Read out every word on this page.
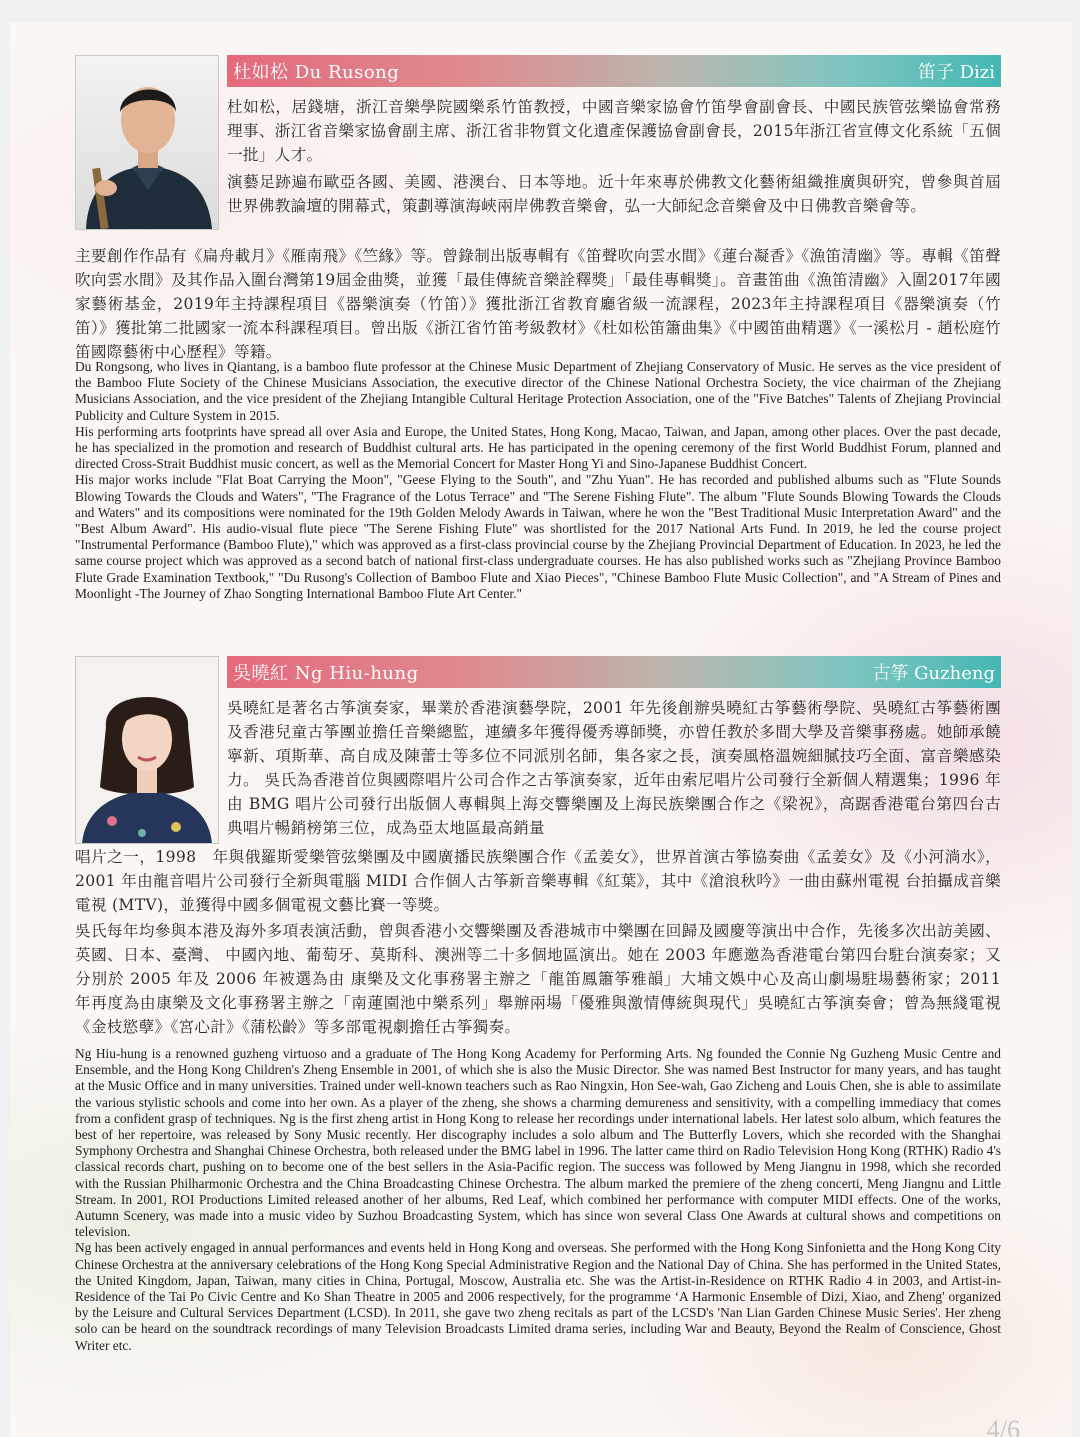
杜如松 Du Rusong	笛子 Dizi

杜如松，居錢塘，浙江音樂學院國樂系竹笛教授，中國音樂家協會竹笛學會副會長、中國民族管弦樂協會常務理事、浙江省音樂家協會副主席、浙江省非物質文化遺產保護協會副會長，2015年浙江省宣傳文化系統「五個一批」人才。

演藝足跡遍布歐亞各國、美國、港澳台、日本等地。近十年來專於佛教文化藝術組織推廣與研究，曾參與首屆世界佛教論壇的開幕式，策劃導演海峽兩岸佛教音樂會，弘一大師紀念音樂會及中日佛教音樂會等。

主要創作作品有《扁舟載月》《雁南飛》《竺緣》等。曾錄制出版專輯有《笛聲吹向雲水間》《蓮台凝香》《漁笛清幽》等。專輯《笛聲吹向雲水間》及其作品入圍台灣第19屆金曲獎，並獲「最佳傳統音樂詮釋獎」「最佳專輯獎」。音畫笛曲《漁笛清幽》入圍2017年國家藝術基金，2019年主持課程項目《器樂演奏（竹笛）》獲批浙江省教育廳省級一流課程，2023年主持課程項目《器樂演奏（竹笛）》獲批第二批國家一流本科課程項目。曾出版《浙江省竹笛考級教材》《杜如松笛簫曲集》《中國笛曲精選》《一溪松月 - 趙松庭竹笛國際藝術中心歷程》等籍。

Du Rongsong, who lives in Qiantang, is a bamboo flute professor at the Chinese Music Department of Zhejiang Conservatory of Music. He serves as the vice president of the Bamboo Flute Society of the Chinese Musicians Association, the executive director of the Chinese National Orchestra Society, the vice chairman of the Zhejiang Musicians Association, and the vice president of the Zhejiang Intangible Cultural Heritage Protection Association, one of the "Five Batches" Talents of Zhejiang Provincial Publicity and Culture System in 2015.

His performing arts footprints have spread all over Asia and Europe, the United States, Hong Kong, Macao, Taiwan, and Japan, among other places. Over the past decade, he has specialized in the promotion and research of Buddhist cultural arts. He has participated in the opening ceremony of the first World Buddhist Forum, planned and directed Cross-Strait Buddhist music concert, as well as the Memorial Concert for Master Hong Yi and Sino-Japanese Buddhist Concert.

His major works include "Flat Boat Carrying the Moon", "Geese Flying to the South", and "Zhu Yuan". He has recorded and published albums such as "Flute Sounds Blowing Towards the Clouds and Waters", "The Fragrance of the Lotus Terrace" and "The Serene Fishing Flute". The album "Flute Sounds Blowing Towards the Clouds and Waters" and its compositions were nominated for the 19th Golden Melody Awards in Taiwan, where he won the "Best Traditional Music Interpretation Award" and the "Best Album Award". His audio-visual flute piece "The Serene Fishing Flute" was shortlisted for the 2017 National Arts Fund. In 2019, he led the course project "Instrumental Performance (Bamboo Flute)," which was approved as a first-class provincial course by the Zhejiang Provincial Department of Education. In 2023, he led the same course project which was approved as a second batch of national first-class undergraduate courses. He has also published works such as "Zhejiang Province Bamboo Flute Grade Examination Textbook," "Du Rusong's Collection of Bamboo Flute and Xiao Pieces", "Chinese Bamboo Flute Music Collection", and "A Stream of Pines and Moonlight -The Journey of Zhao Songting International Bamboo Flute Art Center."

吳曉紅 Ng Hiu-hung	古筝 Guzheng

吳曉紅是著名古筝演奏家，畢業於香港演藝學院，2001 年先後創辦吳曉紅古筝藝術學院、吳曉紅古筝藝術團及香港兒童古筝團並擔任音樂總監，連續多年獲得優秀導師獎，亦曾任教於多間大學及音樂事務處。她師承饒寧新、項斯華、高自成及陳蕾士等多位不同派別名師，集各家之長，演奏風格溫婉細膩技巧全面、富音樂感染力。 吳氏為香港首位與國際唱片公司合作之古筝演奏家，近年由索尼唱片公司發行全新個人精選集；1996 年由 BMG 唱片公司發行出版個人專輯與上海交響樂團及上海民族樂團合作之《梁祝》，高踞香港電台第四台古典唱片暢銷榜第三位，成為亞太地區最高銷量

唱片之一，1998　年與俄羅斯愛樂管弦樂團及中國廣播民族樂團合作《孟姜女》，世界首演古筝協奏曲《孟姜女》及《小河淌水》，2001 年由龍音唱片公司發行全新與電腦 MIDI 合作個人古筝新音樂專輯《紅葉》，其中《滄浪秋吟》一曲由蘇州電視 台拍攝成音樂電視 (MTV)，並獲得中國多個電視文藝比賽一等獎。

吳氏每年均參與本港及海外多項表演活動，曾與香港小交響樂團及香港城市中樂團在回歸及國慶等演出中合作，先後多次出訪美國、英國、日本、臺灣、 中國內地、葡萄牙、莫斯科、澳洲等二十多個地區演出。她在 2003 年應邀為香港電台第四台駐台演奏家；又分別於 2005 年及 2006 年被選為由 康樂及文化事務署主辦之「龍笛鳳簫筝雅韻」大埔文娛中心及高山劇場駐場藝術家；2011　年再度為由康樂及文化事務署主辦之「南蓮園池中樂系列」舉辦兩場「優雅與激情傳統與現代」吳曉紅古筝演奏會；曾為無綫電視《金枝慾孽》《宮心計》《蒲松齡》等多部電視劇擔任古筝獨奏。

Ng Hiu-hung is a renowned guzheng virtuoso and a graduate of The Hong Kong Academy for Performing Arts. Ng founded the Connie Ng Guzheng Music Centre and Ensemble, and the Hong Kong Children's Zheng Ensemble in 2001, of which she is also the Music Director. She was named Best Instructor for many years, and has taught at the Music Office and in many universities. Trained under well-known teachers such as Rao Ningxin, Hon See-wah, Gao Zicheng and Louis Chen, she is able to assimilate the various stylistic schools and come into her own. As a player of the zheng, she shows a charming demureness and sensitivity, with a compelling immediacy that comes from a confident grasp of techniques. Ng is the first zheng artist in Hong Kong to release her recordings under international labels. Her latest solo album, which features the best of her repertoire, was released by Sony Music recently. Her discography includes a solo album and The Butterfly Lovers, which she recorded with the Shanghai Symphony Orchestra and Shanghai Chinese Orchestra, both released under the BMG label in 1996. The latter came third on Radio Television Hong Kong (RTHK) Radio 4's classical records chart, pushing on to become one of the best sellers in the Asia-Pacific region. The success was followed by Meng Jiangnu in 1998, which she recorded with the Russian Philharmonic Orchestra and the China Broadcasting Chinese Orchestra. The album marked the premiere of the zheng concerti, Meng Jiangnu and Little Stream. In 2001, ROI Productions Limited released another of her albums, Red Leaf, which combined her performance with computer MIDI effects. One of the works, Autumn Scenery, was made into a music video by Suzhou Broadcasting System, which has since won several Class One Awards at cultural shows and competitions on television.

Ng has been actively engaged in annual performances and events held in Hong Kong and overseas. She performed with the Hong Kong Sinfonietta and the Hong Kong City Chinese Orchestra at the anniversary celebrations of the Hong Kong Special Administrative Region and the National Day of China. She has performed in the United States, the United Kingdom, Japan, Taiwan, many cities in China, Portugal, Moscow, Australia etc. She was the Artist-in-Residence on RTHK Radio 4 in 2003, and Artist-in-Residence of the Tai Po Civic Centre and Ko Shan Theatre in 2005 and 2006 respectively, for the programme ‘A Harmonic Ensemble of Dizi, Xiao, and Zheng' organized by the Leisure and Cultural Services Department (LCSD). In 2011, she gave two zheng recitals as part of the LCSD's 'Nan Lian Garden Chinese Music Series'. Her zheng solo can be heard on the soundtrack recordings of many Television Broadcasts Limited drama series, including War and Beauty, Beyond the Realm of Conscience, Ghost Writer etc.

4/6
